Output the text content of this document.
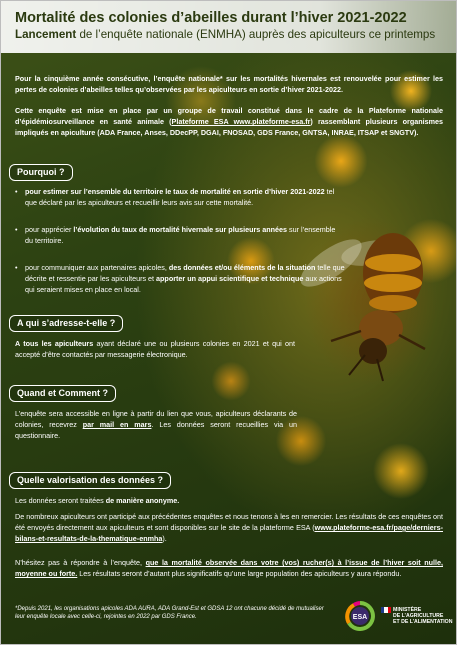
Mortalité des colonies d’abeilles durant l’hiver 2021-2022
Lancement de l’enquête nationale (ENMHA) auprès des apiculteurs ce printemps
Pour la cinquième année consécutive, l’enquête nationale* sur les mortalités hivernales est renouvelée pour estimer les pertes de colonies d’abeilles telles qu’observées par les apiculteurs en sortie d’hiver 2021-2022.
Cette enquête est mise en place par un groupe de travail constitué dans le cadre de la Plateforme nationale d’épidémiosurveillance en santé animale (Plateforme ESA www.plateforme-esa.fr) rassemblant plusieurs organismes impliqués en apiculture (ADA France, Anses, DDecPP, DGAI, FNOSAD, GDS France, GNTSA, INRAE, ITSAP et SNGTV).
Pourquoi ?
• pour estimer sur l’ensemble du territoire le taux de mortalité en sortie d’hiver 2021-2022 tel que déclaré par les apiculteurs et recueillir leurs avis sur cette mortalité.
• pour apprécier l’évolution du taux de mortalité hivernale sur plusieurs années sur l’ensemble du territoire.
• pour communiquer aux partenaires apicoles, des données et/ou éléments de la situation telle que décrite et ressentie par les apiculteurs et apporter un appui scientifique et technique aux actions qui seraient mises en place en local.
A qui s’adresse-t-elle ?
A tous les apiculteurs ayant déclaré une ou plusieurs colonies en 2021 et qui ont accepté d’être contactés par messagerie électronique.
Quand et Comment ?
L’enquête sera accessible en ligne à partir du lien que vous, apiculteurs déclarants de colonies, recevrez par mail en mars. Les données seront recueillies via un questionnaire.
Quelle valorisation des données ?
Les données seront traitées de manière anonyme.
De nombreux apiculteurs ont participé aux précédentes enquêtes et nous tenons à les en remercier. Les résultats de ces enquêtes ont été envoyés directement aux apiculteurs et sont disponibles sur le site de la plateforme ESA (www.plateforme-esa.fr/page/derniers-bilans-et-resultats-de-la-thematique-enmha).
N’hésitez pas à répondre à l’enquête, que la mortalité observée dans votre (vos) rucher(s) à l’issue de l’hiver soit nulle, moyenne ou forte. Les résultats seront d’autant plus significatifs qu’une large population des apiculteurs y aura répondu.
*Depuis 2021, les organisations apicoles ADA AURA, ADA Grand-Est et GDSA 12 ont chacune décidé de mutualiser leur enquête locale avec celle-ci, rejointes en 2022 par GDS France.	ESA
MINISTÈRE
DE L’AGRICULTURE
ET DE L’ALIMENTATION
